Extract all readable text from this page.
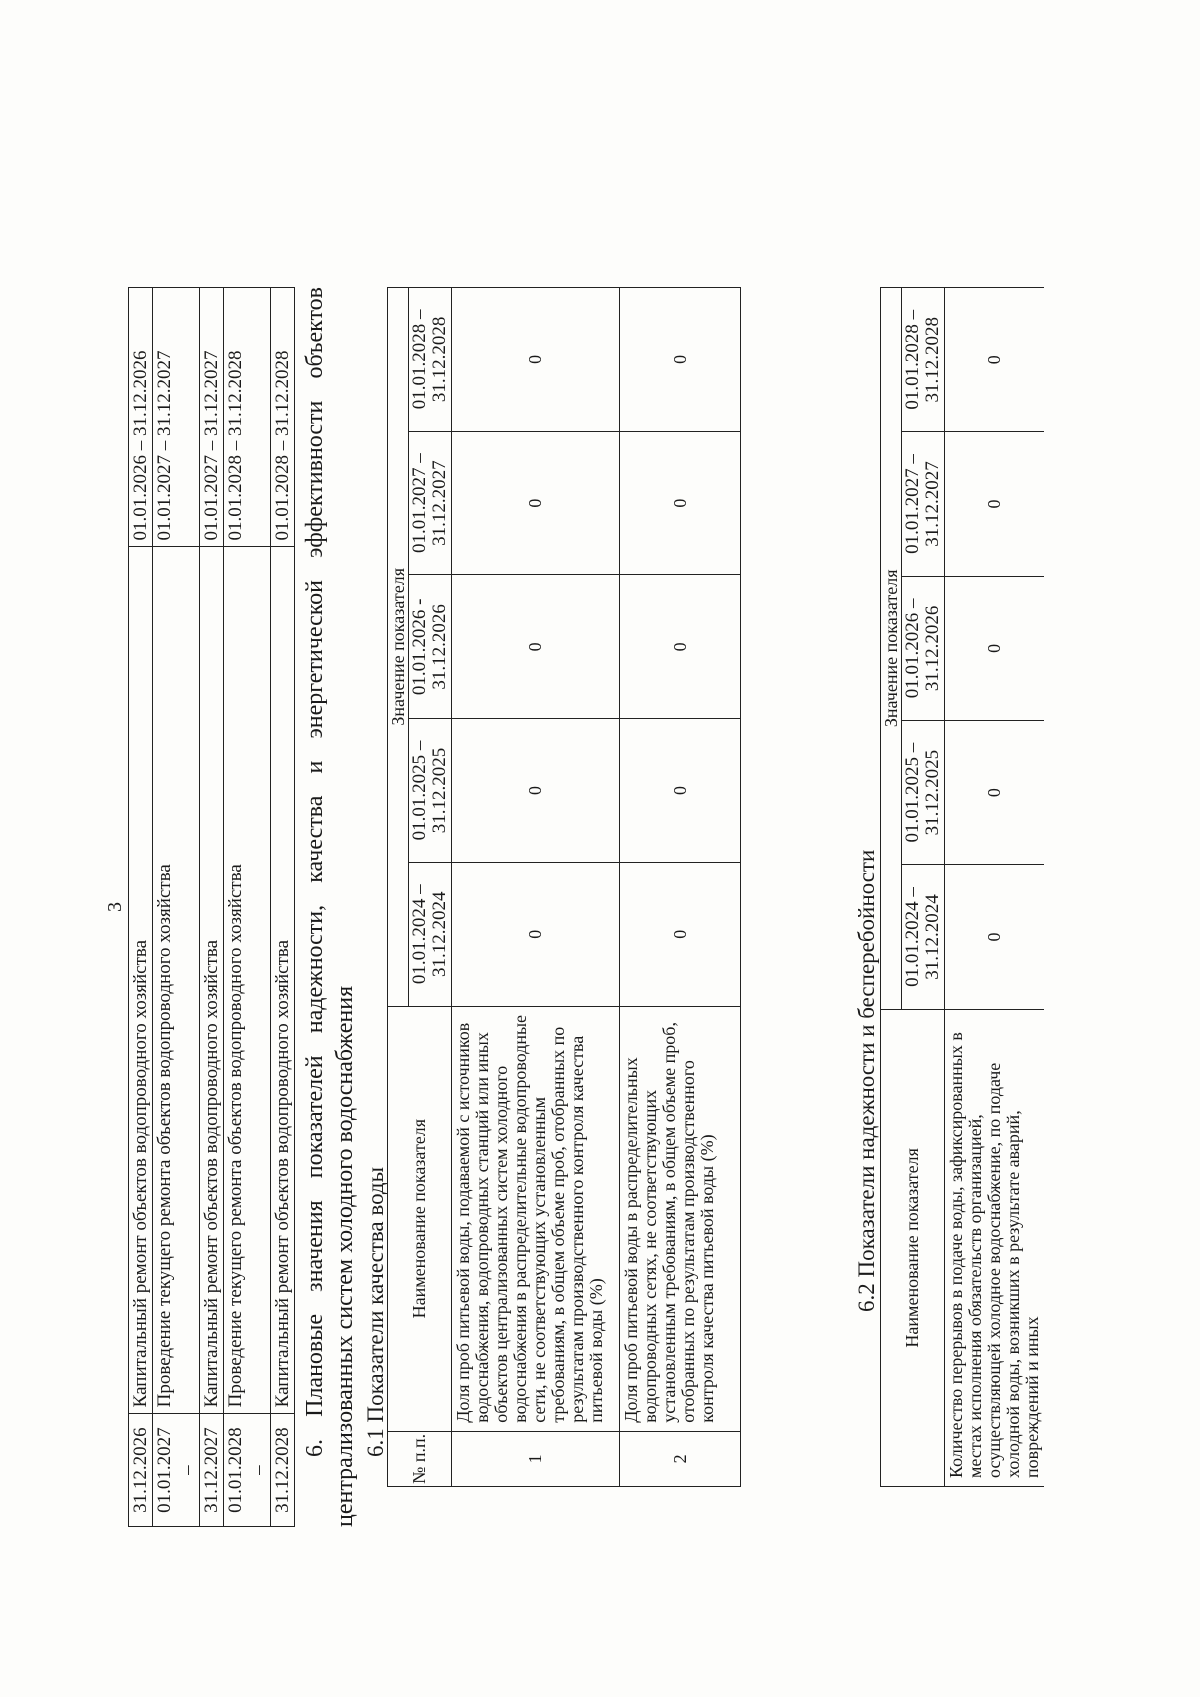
3
31.12.2026	Капитальный ремонт объектов водопроводного хозяйства	01.01.2026 – 31.12.2026
01.01.2027 –	Проведение текущего ремонта объектов водопроводного хозяйства	01.01.2027 – 31.12.2027
31.12.2027	Капитальный ремонт объектов водопроводного хозяйства	01.01.2027 – 31.12.2027
01.01.2028 –	Проведение текущего ремонта объектов водопроводного хозяйства	01.01.2028 – 31.12.2028
31.12.2028	Капитальный ремонт объектов водопроводного хозяйства	01.01.2028 – 31.12.2028 6. Плановые значения показателей надежности, качества и энергетической эффективности объектов централизованных систем холодного водоснабжения 6.1 Показатели качества воды
№ п.п.	Наименование показателя	Значение показателя				
		01.01.2024 – 31.12.2024	01.01.2025 – 31.12.2025	01.01.2026 - 31.12.2026	01.01.2027 – 31.12.2027	01.01.2028 – 31.12.2028
1	Доля проб питьевой воды, подаваемой с источников водоснабжения, водопроводных станций или иных объектов централизованных систем холодного водоснабжения в распределительные водопроводные сети, не соответствующих установленным требованиям, в общем объеме проб, отобранных по результатам производственного контроля качества питьевой воды (%)	0	0	0	0	0
2	Доля проб питьевой воды в распределительных водопроводных сетях, не соответствующих установленным требованиям, в общем объеме проб, отобранных по результатам производственного контроля качества питьевой воды (%)	0	0	0	0	0
6.2 Показатели надежности и бесперебойности Наименование показателя	Значение показателя				
	01.01.2024 – 31.12.2024	01.01.2025 – 31.12.2025	01.01.2026 – 31.12.2026	01.01.2027 – 31.12.2027	01.01.2028 – 31.12.2028
Количество перерывов в подаче воды, зафиксированных в местах исполнения обязательств организацией, осуществляющей холодное водоснабжение, по подаче холодной воды, возникших в результате аварий, повреждений и иных	0	0	0	0	0
